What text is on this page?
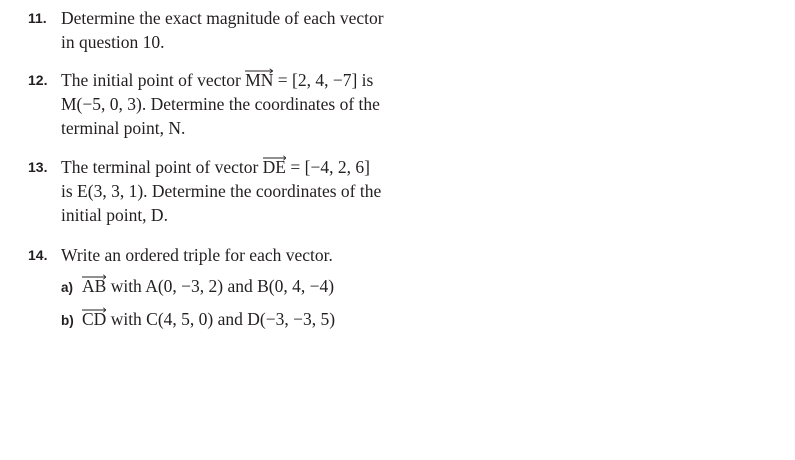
11. Determine the exact magnitude of each vector
in question 10.
12. The initial point of vector
MN = [2, 4, −7] is
M(−5, 0, 3). Determine the coordinates of the
terminal point, N.
13. The terminal point of vector
DE = [−4, 2, 6]
is E(3, 3, 1). Determine the coordinates of the
initial point, D.
14. Write an ordered triple for each vector.
a) AB with A(0, −3, 2) and B(0, 4, −4)
b) CD with C(4, 5, 0) and D(−3, −3, 5)
